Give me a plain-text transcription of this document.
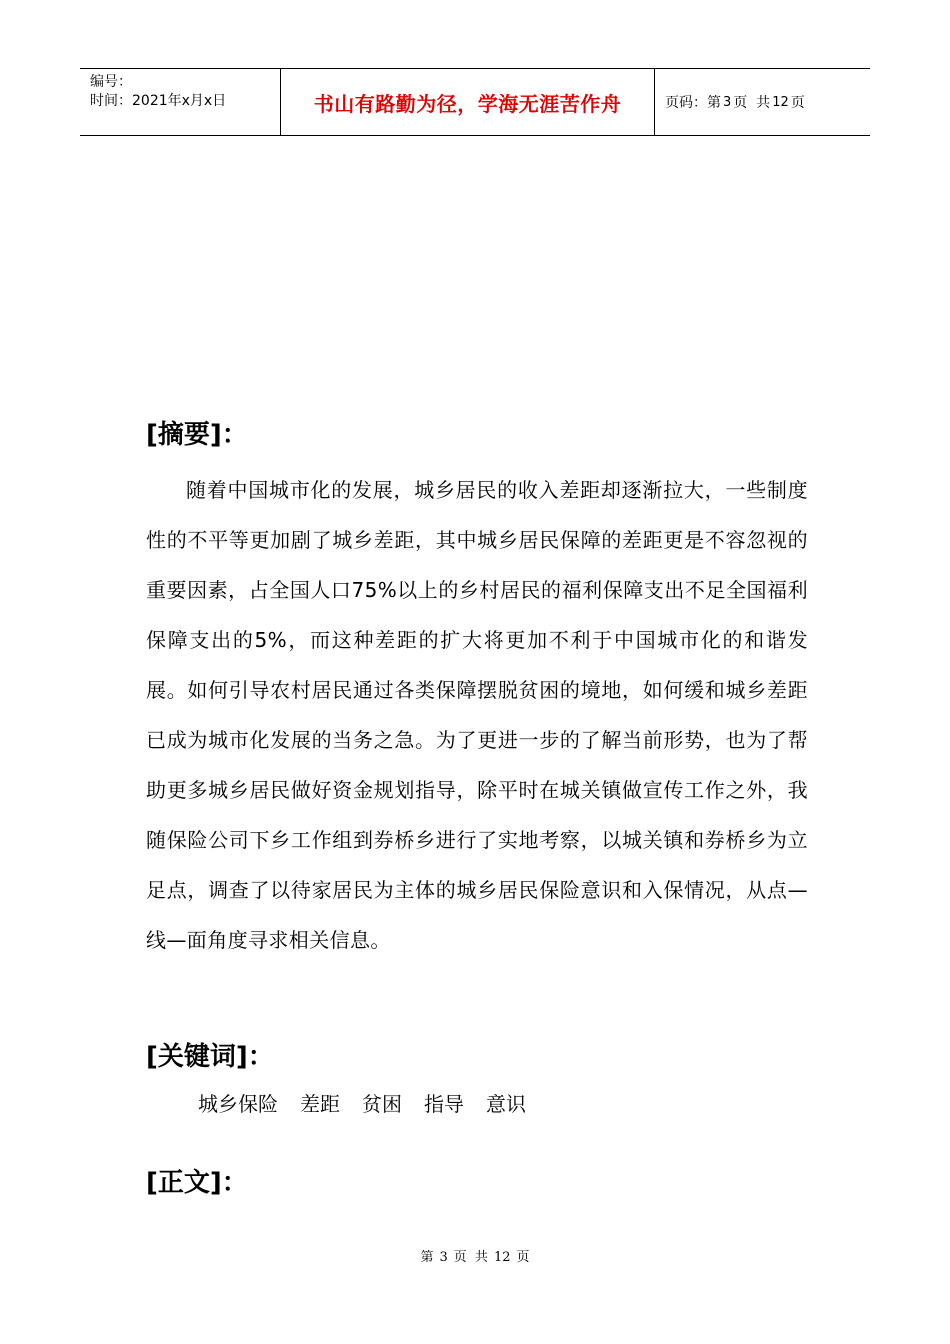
编号：
时间：2021年x月x日	书山有路勤为径，学海无涯苦作舟	页码：第 3 页  共 12 页
[摘要]：

随着中国城市化的发展，城乡居民的收入差距却逐渐拉大，一些制度性的不平等更加剧了城乡差距，其中城乡居民保障的差距更是不容忽视的重要因素，占全国人口75%以上的乡村居民的福利保障支出不足全国福利保障支出的5%，而这种差距的扩大将更加不利于中国城市化的和谐发展。如何引导农村居民通过各类保障摆脱贫困的境地，如何缓和城乡差距已成为城市化发展的当务之急。为了更进一步的了解当前形势，也为了帮助更多城乡居民做好资金规划指导，除平时在城关镇做宣传工作之外，我随保险公司下乡工作组到券桥乡进行了实地考察，以城关镇和券桥乡为立足点，调查了以待家居民为主体的城乡居民保险意识和入保情况，从点—线—面角度寻求相关信息。

[关键词]：
城乡保险 差距 贫困 指导 意识
[正文]：
第 3 页 共 12 页
